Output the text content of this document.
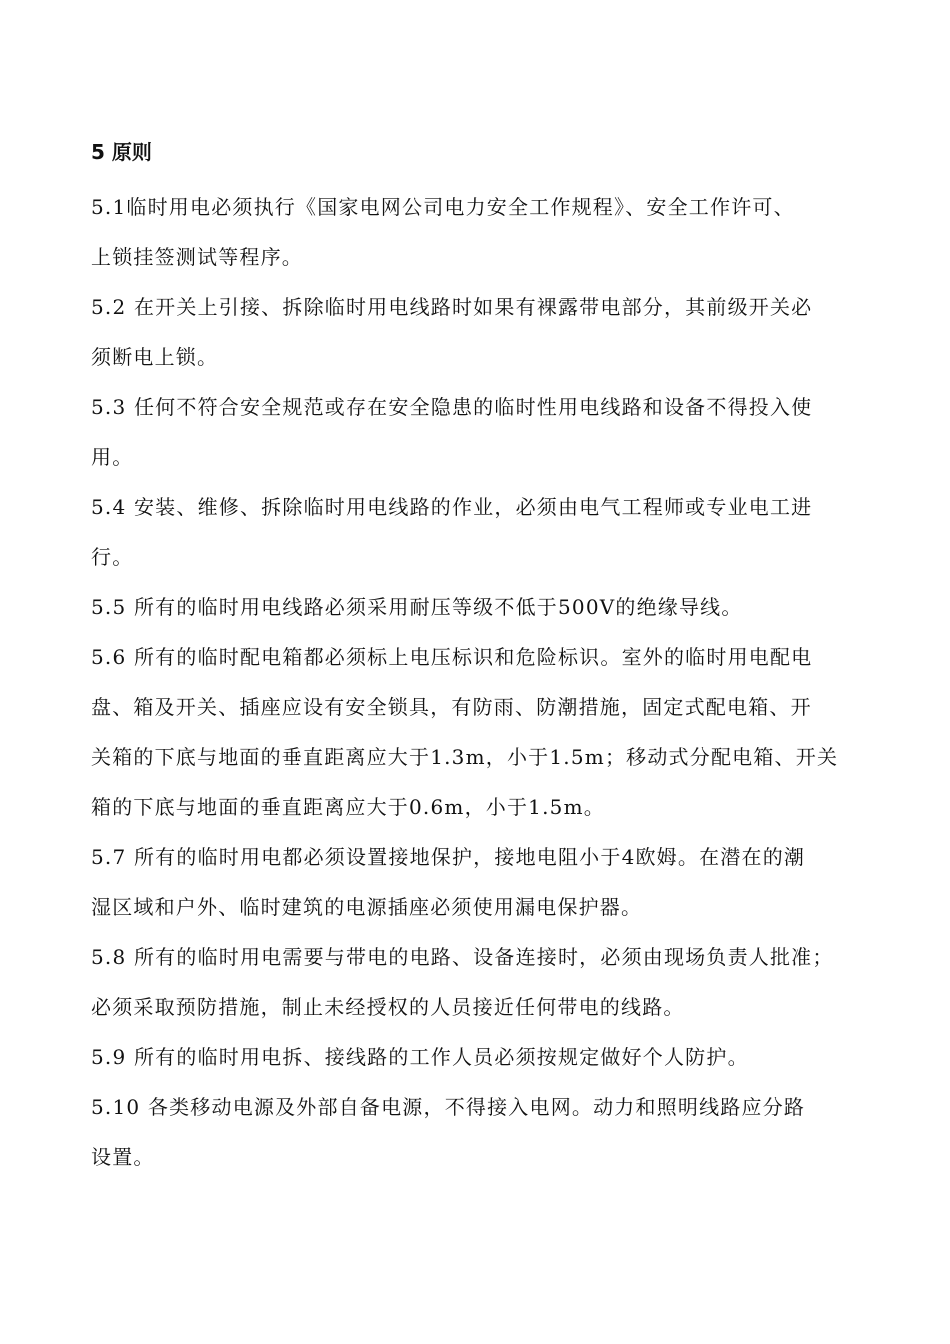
5 原则
5.1临时用电必须执行《国家电网公司电力安全工作规程》、安全工作许可、
上锁挂签测试等程序。
5.2 在开关上引接、拆除临时用电线路时如果有裸露带电部分，其前级开关必
须断电上锁。
5.3 任何不符合安全规范或存在安全隐患的临时性用电线路和设备不得投入使
用。
5.4 安装、维修、拆除临时用电线路的作业，必须由电气工程师或专业电工进
行。
5.5 所有的临时用电线路必须采用耐压等级不低于500V的绝缘导线。
5.6 所有的临时配电箱都必须标上电压标识和危险标识。室外的临时用电配电
盘、箱及开关、插座应设有安全锁具，有防雨、防潮措施，固定式配电箱、开
关箱的下底与地面的垂直距离应大于1.3m，小于1.5m；移动式分配电箱、开关
箱的下底与地面的垂直距离应大于0.6m，小于1.5m。
5.7 所有的临时用电都必须设置接地保护，接地电阻小于4欧姆。在潜在的潮
湿区域和户外、临时建筑的电源插座必须使用漏电保护器。
5.8 所有的临时用电需要与带电的电路、设备连接时，必须由现场负责人批准；
必须采取预防措施，制止未经授权的人员接近任何带电的线路。
5.9 所有的临时用电拆、接线路的工作人员必须按规定做好个人防护。
5.10 各类移动电源及外部自备电源，不得接入电网。动力和照明线路应分路
设置。
